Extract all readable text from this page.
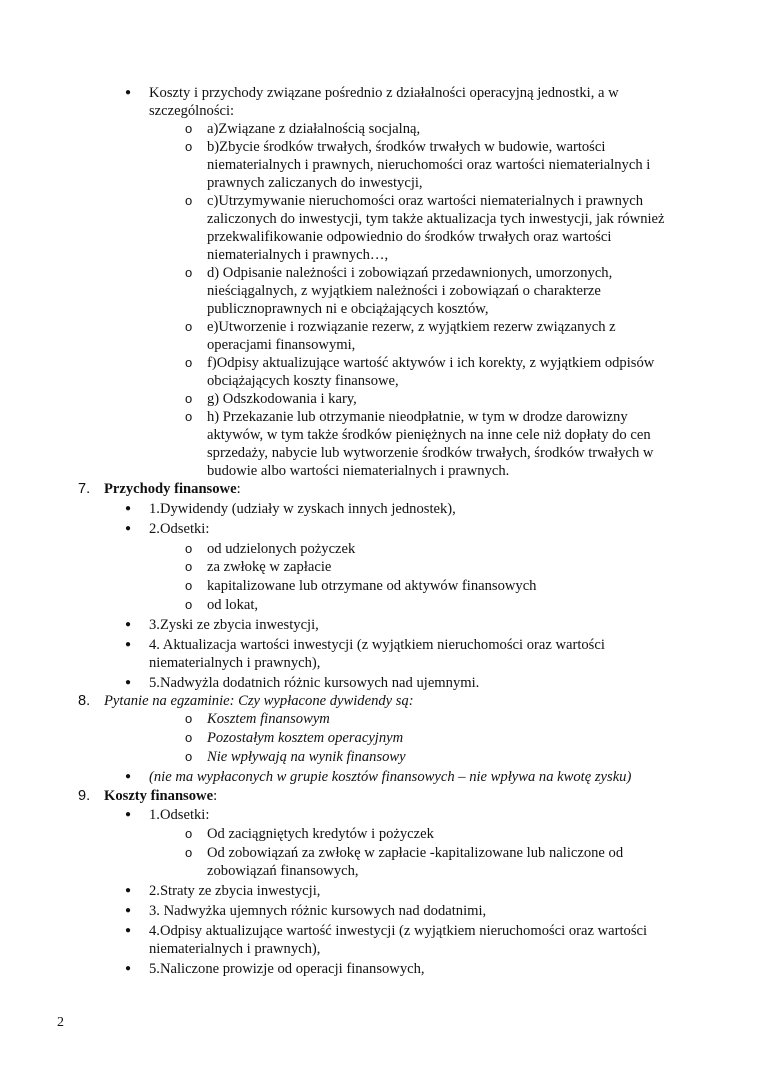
● Koszty i przychody związane pośrednio z działalności operacyjną jednostki, a w
szczególności:
o a)Związane z działalnością socjalną,
o b)Zbycie środków trwałych, środków trwałych w budowie, wartości
niematerialnych i prawnych, nieruchomości oraz wartości niematerialnych i
prawnych zaliczanych do inwestycji,
o c)Utrzymywanie nieruchomości oraz wartości niematerialnych i prawnych
zaliczonych do inwestycji, tym także aktualizacja tych inwestycji, jak również
przekwalifikowanie odpowiednio do środków trwałych oraz wartości
niematerialnych i prawnych…,
o d) Odpisanie należności i zobowiązań przedawnionych, umorzonych,
nieściągalnych, z wyjątkiem należności i zobowiązań o charakterze
publicznoprawnych ni e obciążających kosztów,
o e)Utworzenie i rozwiązanie rezerw, z wyjątkiem rezerw związanych z
operacjami finansowymi,
o f)Odpisy aktualizujące wartość aktywów i ich korekty, z wyjątkiem odpisów
obciążających koszty finansowe,
o g) Odszkodowania i kary,
o h) Przekazanie lub otrzymanie nieodpłatnie, w tym w drodze darowizny
aktywów, w tym także środków pieniężnych na inne cele niż dopłaty do cen
sprzedaży, nabycie lub wytworzenie środków trwałych, środków trwałych w
budowie albo wartości niematerialnych i prawnych.
7. Przychody finansowe:
● 1.Dywidendy (udziały w zyskach innych jednostek),
● 2.Odsetki:
o od udzielonych pożyczek
o za zwłokę w zapłacie
o kapitalizowane lub otrzymane od aktywów finansowych
o od lokat,
● 3.Zyski ze zbycia inwestycji,
● 4. Aktualizacja wartości inwestycji (z wyjątkiem nieruchomości oraz wartości
niematerialnych i prawnych),
● 5.Nadwyżla dodatnich różnic kursowych nad ujemnymi.
8. Pytanie na egzaminie: Czy wypłacone dywidendy są:
o Kosztem finansowym
o Pozostałym kosztem operacyjnym
o Nie wpływają na wynik finansowy
● (nie ma wypłaconych w grupie kosztów finansowych – nie wpływa na kwotę zysku)
9. Koszty finansowe:
● 1.Odsetki:
o Od zaciągniętych kredytów i pożyczek
o Od zobowiązań za zwłokę w zapłacie -kapitalizowane lub naliczone od
zobowiązań finansowych,
● 2.Straty ze zbycia inwestycji,
● 3. Nadwyżka ujemnych różnic kursowych nad dodatnimi,
● 4.Odpisy aktualizujące wartość inwestycji (z wyjątkiem nieruchomości oraz wartości
niematerialnych i prawnych),
● 5.Naliczone prowizje od operacji finansowych,
2
